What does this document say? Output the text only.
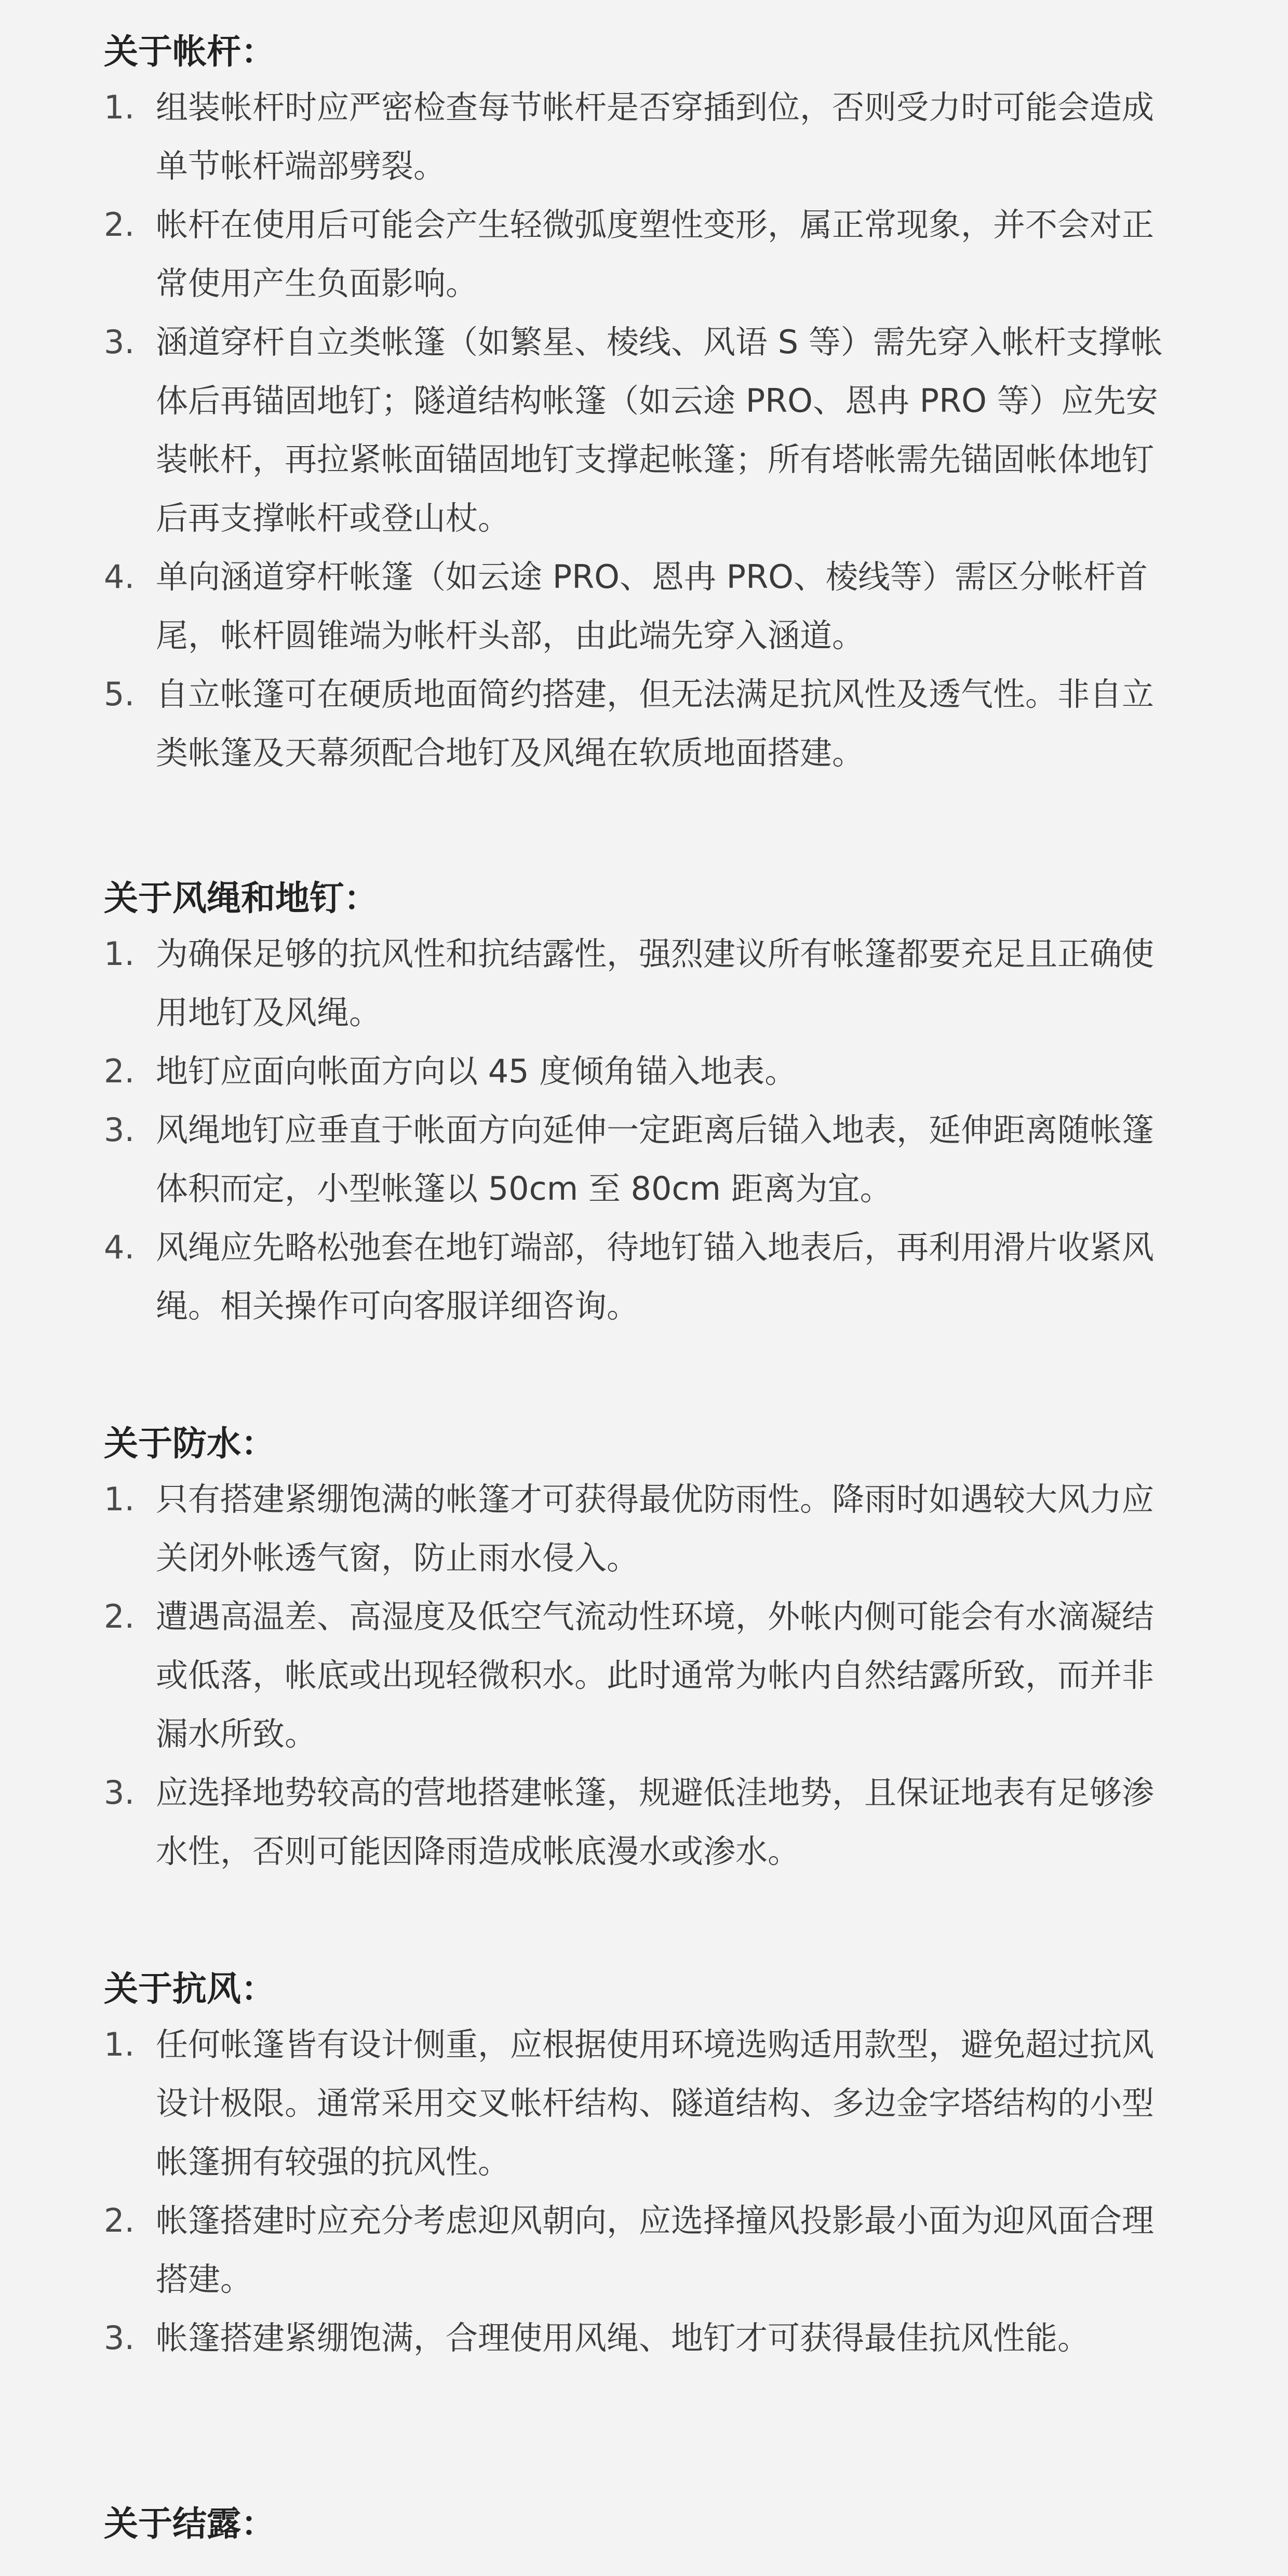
关于帐杆：
1. 组装帐杆时应严密检查每节帐杆是否穿插到位，否则受力时可能会造成单节帐杆端部劈裂。
2. 帐杆在使用后可能会产生轻微弧度塑性变形，属正常现象，并不会对正常使用产生负面影响。
3. 涵道穿杆自立类帐篷（如繁星、棱线、风语 S 等）需先穿入帐杆支撑帐体后再锚固地钉；隧道结构帐篷（如云途 PRO、恩冉 PRO 等）应先安装帐杆，再拉紧帐面锚固地钉支撑起帐篷；所有塔帐需先锚固帐体地钉后再支撑帐杆或登山杖。
4. 单向涵道穿杆帐篷（如云途 PRO、恩冉 PRO、棱线等）需区分帐杆首尾，帐杆圆锥端为帐杆头部，由此端先穿入涵道。
5. 自立帐篷可在硬质地面简约搭建，但无法满足抗风性及透气性。非自立类帐篷及天幕须配合地钉及风绳在软质地面搭建。
关于风绳和地钉：
1. 为确保足够的抗风性和抗结露性，强烈建议所有帐篷都要充足且正确使用地钉及风绳。
2. 地钉应面向帐面方向以 45 度倾角锚入地表。
3. 风绳地钉应垂直于帐面方向延伸一定距离后锚入地表，延伸距离随帐篷体积而定，小型帐篷以 50cm 至 80cm 距离为宜。
4. 风绳应先略松弛套在地钉端部，待地钉锚入地表后，再利用滑片收紧风绳。相关操作可向客服详细咨询。
关于防水：
1. 只有搭建紧绷饱满的帐篷才可获得最优防雨性。降雨时如遇较大风力应关闭外帐透气窗，防止雨水侵入。
2. 遭遇高温差、高湿度及低空气流动性环境，外帐内侧可能会有水滴凝结或低落，帐底或出现轻微积水。此时通常为帐内自然结露所致，而并非漏水所致。
3. 应选择地势较高的营地搭建帐篷，规避低洼地势，且保证地表有足够渗水性，否则可能因降雨造成帐底漫水或渗水。
关于抗风：
1. 任何帐篷皆有设计侧重，应根据使用环境选购适用款型，避免超过抗风设计极限。通常采用交叉帐杆结构、隧道结构、多边金字塔结构的小型帐篷拥有较强的抗风性。
2. 帐篷搭建时应充分考虑迎风朝向，应选择撞风投影最小面为迎风面合理搭建。
3. 帐篷搭建紧绷饱满，合理使用风绳、地钉才可获得最佳抗风性能。
关于结露：
